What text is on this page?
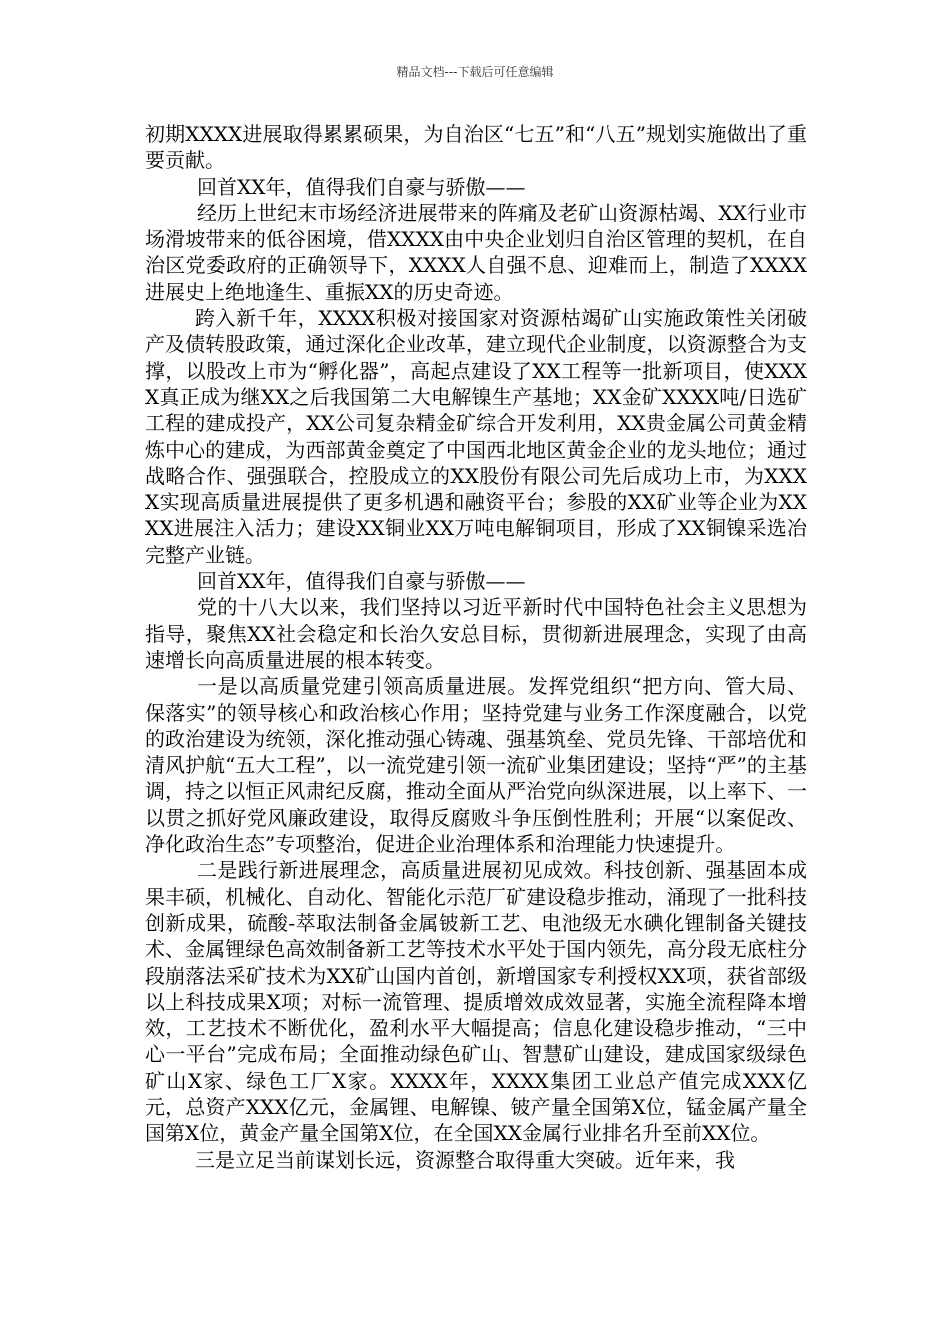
精品文档---下载后可任意编辑

初期XXXX进展取得累累硕果，为自治区“七五”和“八五”规划实施做出了重要贡献。

回首XX年，值得我们自豪与骄傲——

经历上世纪末市场经济进展带来的阵痛及老矿山资源枯竭、XX行业市场滑坡带来的低谷困境，借XXXX由中央企业划归自治区管理的契机，在自治区党委政府的正确领导下，XXXX人自强不息、迎难而上，制造了XXXX进展史上绝地逢生、重振XX的历史奇迹。

跨入新千年，XXXX积极对接国家对资源枯竭矿山实施政策性关闭破产及债转股政策，通过深化企业改革，建立现代企业制度，以资源整合为支撑，以股改上市为“孵化器”，高起点建设了XX工程等一批新项目，使XXXX真正成为继XX之后我国第二大电解镍生产基地；XX金矿XXXX吨/日选矿工程的建成投产，XX公司复杂精金矿综合开发利用，XX贵金属公司黄金精炼中心的建成，为西部黄金奠定了中国西北地区黄金企业的龙头地位；通过战略合作、强强联合，控股成立的XX股份有限公司先后成功上市，为XXXX实现高质量进展提供了更多机遇和融资平台；参股的XX矿业等企业为XXXX进展注入活力；建设XX铜业XX万吨电解铜项目，形成了XX铜镍采选冶完整产业链。

回首XX年，值得我们自豪与骄傲——

党的十八大以来，我们坚持以习近平新时代中国特色社会主义思想为指导，聚焦XX社会稳定和长治久安总目标，贯彻新进展理念，实现了由高速增长向高质量进展的根本转变。

一是以高质量党建引领高质量进展。发挥党组织“把方向、管大局、保落实”的领导核心和政治核心作用；坚持党建与业务工作深度融合，以党的政治建设为统领，深化推动强心铸魂、强基筑垒、党员先锋、干部培优和清风护航“五大工程”，以一流党建引领一流矿业集团建设；坚持“严”的主基调，持之以恒正风肃纪反腐，推动全面从严治党向纵深进展，以上率下、一以贯之抓好党风廉政建设，取得反腐败斗争压倒性胜利；开展“以案促改、净化政治生态”专项整治，促进企业治理体系和治理能力快速提升。

二是践行新进展理念，高质量进展初见成效。科技创新、强基固本成果丰硕，机械化、自动化、智能化示范厂矿建设稳步推动，涌现了一批科技创新成果，硫酸-萃取法制备金属铍新工艺、电池级无水碘化锂制备关键技术、金属锂绿色高效制备新工艺等技术水平处于国内领先，高分段无底柱分段崩落法采矿技术为XX矿山国内首创，新增国家专利授权XX项，获省部级以上科技成果X项；对标一流管理、提质增效成效显著，实施全流程降本增效，工艺技术不断优化，盈利水平大幅提高；信息化建设稳步推动，“三中心一平台”完成布局；全面推动绿色矿山、智慧矿山建设，建成国家级绿色矿山X家、绿色工厂X家。XXXX年，XXXX集团工业总产值完成XXX亿元，总资产XXX亿元，金属锂、电解镍、铍产量全国第X位，锰金属产量全国第X位，黄金产量全国第X位，在全国XX金属行业排名升至前XX位。

三是立足当前谋划长远，资源整合取得重大突破。近年来，我
